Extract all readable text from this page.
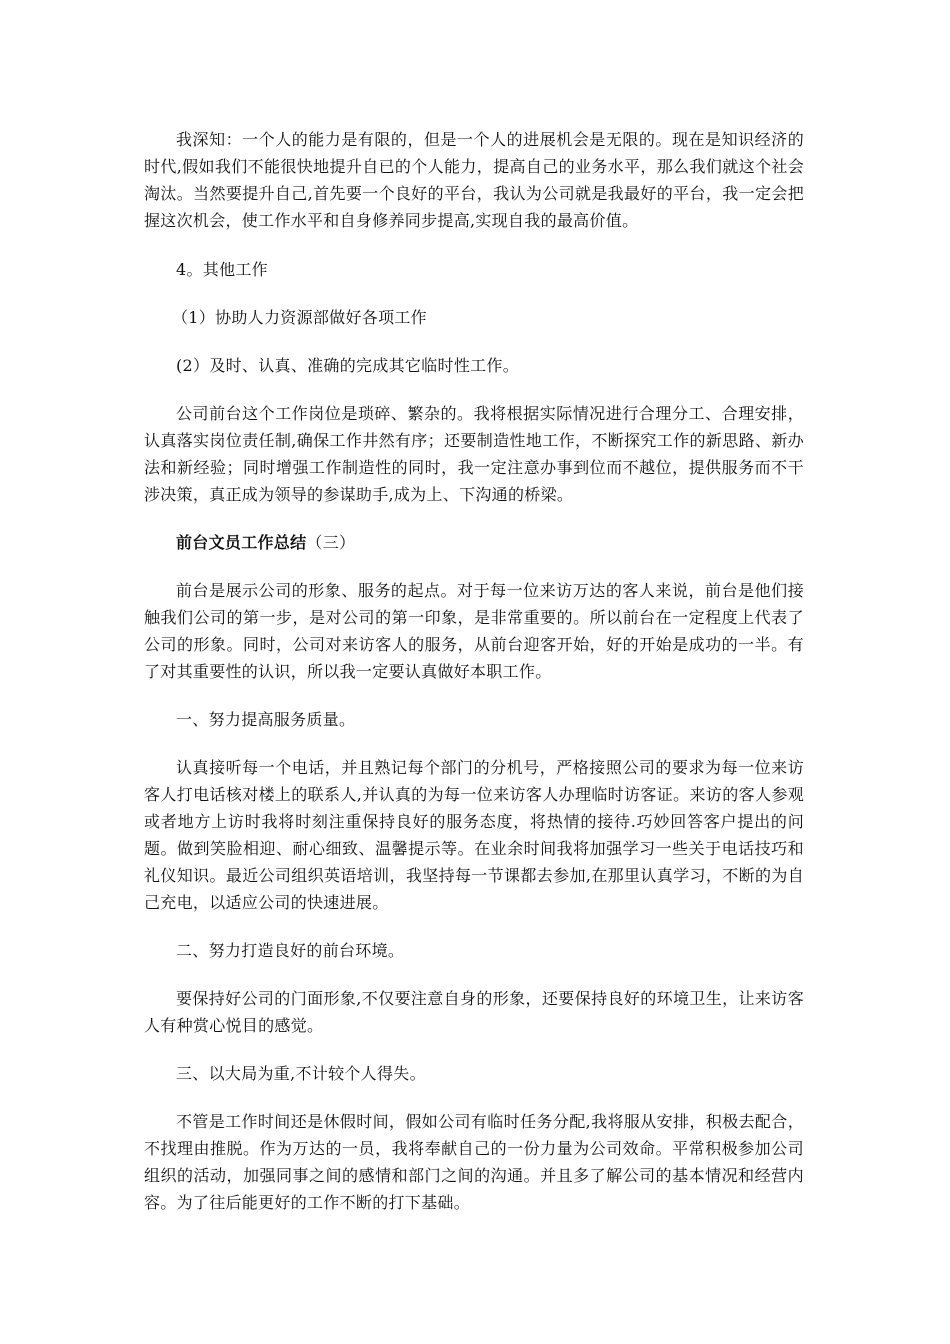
我深知：一个人的能力是有限的，但是一个人的进展机会是无限的。现在是知识经济的时代,假如我们不能很快地提升自已的个人能力，提高自己的业务水平，那么我们就这个社会淘汰。当然要提升自己,首先要一个良好的平台，我认为公司就是我最好的平台，我一定会把握这次机会，使工作水平和自身修养同步提高,实现自我的最高价值。

4。其他工作

（1）协助人力资源部做好各项工作

(2）及时、认真、准确的完成其它临时性工作。

公司前台这个工作岗位是琐碎、繁杂的。我将根据实际情况进行合理分工、合理安排，认真落实岗位责任制,确保工作井然有序；还要制造性地工作，不断探究工作的新思路、新办法和新经验；同时增强工作制造性的同时，我一定注意办事到位而不越位，提供服务而不干涉决策，真正成为领导的参谋助手,成为上、下沟通的桥梁。

前台文员工作总结（三）

前台是展示公司的形象、服务的起点。对于每一位来访万达的客人来说，前台是他们接触我们公司的第一步，是对公司的第一印象，是非常重要的。所以前台在一定程度上代表了公司的形象。同时，公司对来访客人的服务，从前台迎客开始，好的开始是成功的一半。有了对其重要性的认识，所以我一定要认真做好本职工作。

一、努力提高服务质量。

认真接听每一个电话，并且熟记每个部门的分机号，严格接照公司的要求为每一位来访客人打电话核对楼上的联系人,并认真的为每一位来访客人办理临时访客证。来访的客人参观或者地方上访时我将时刻注重保持良好的服务态度，将热情的接待.巧妙回答客户提出的问题。做到笑脸相迎、耐心细致、温馨提示等。在业余时间我将加强学习一些关于电话技巧和礼仪知识。最近公司组织英语培训，我坚持每一节课都去参加,在那里认真学习，不断的为自己充电，以适应公司的快速进展。

二、努力打造良好的前台环境。

要保持好公司的门面形象,不仅要注意自身的形象，还要保持良好的环境卫生，让来访客人有种赏心悦目的感觉。

三、以大局为重,不计较个人得失。

不管是工作时间还是休假时间，假如公司有临时任务分配,我将服从安排，积极去配合，不找理由推脱。作为万达的一员，我将奉献自己的一份力量为公司效命。平常积极参加公司组织的活动，加强同事之间的感情和部门之间的沟通。并且多了解公司的基本情况和经营内容。为了往后能更好的工作不断的打下基础。
